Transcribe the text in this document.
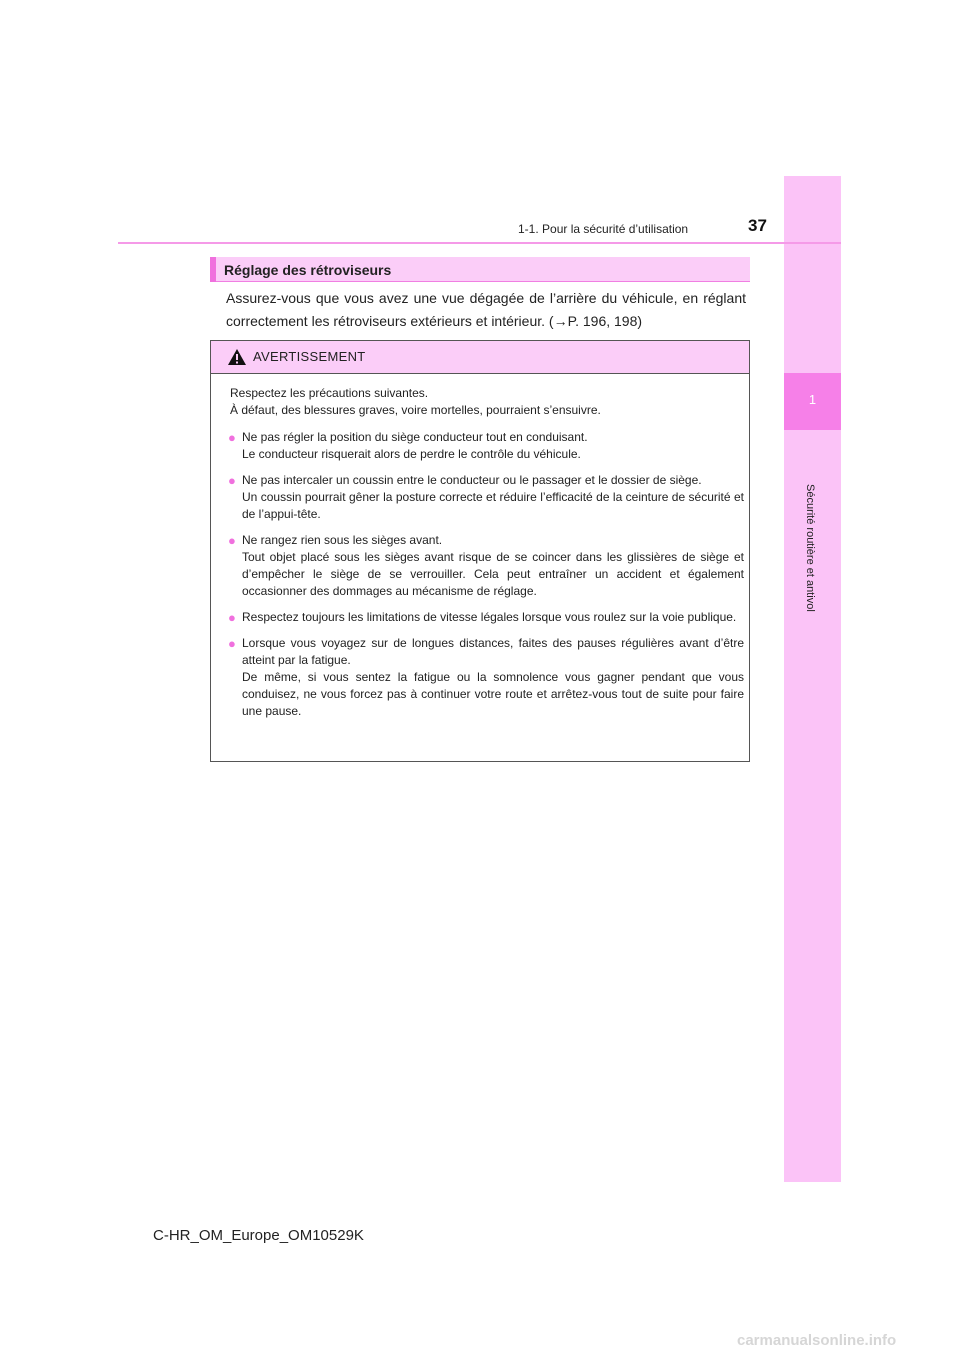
1
Sécurité routière et antivol
1-1. Pour la sécurité d’utilisation	37
Réglage des rétroviseurs
Assurez-vous que vous avez une vue dégagée de l’arrière du véhicule, en réglant correctement les rétroviseurs extérieurs et intérieur. (→P. 196, 198)
AVERTISSEMENT

Respectez les précautions suivantes.

À défaut, des blessures graves, voire mortelles, pourraient s’ensuivre.

● Ne pas régler la position du siège conducteur tout en conduisant.

Le conducteur risquerait alors de perdre le contrôle du véhicule.

● Ne pas intercaler un coussin entre le conducteur ou le passager et le dossier de siège.

Un coussin pourrait gêner la posture correcte et réduire l’efficacité de la ceinture de sécurité et de l’appui-tête.

● Ne rangez rien sous les sièges avant.

Tout objet placé sous les sièges avant risque de se coincer dans les glissières de siège et d’empêcher le siège de se verrouiller. Cela peut entraîner un accident et également occasionner des dommages au mécanisme de réglage.

● Respectez toujours les limitations de vitesse légales lorsque vous roulez sur la voie publique.

● Lorsque vous voyagez sur de longues distances, faites des pauses régulières avant d’être atteint par la fatigue.

De même, si vous sentez la fatigue ou la somnolence vous gagner pendant que vous conduisez, ne vous forcez pas à continuer votre route et arrêtez-vous tout de suite pour faire une pause.

C-HR_OM_Europe_OM10529K
carmanualsonline.info
